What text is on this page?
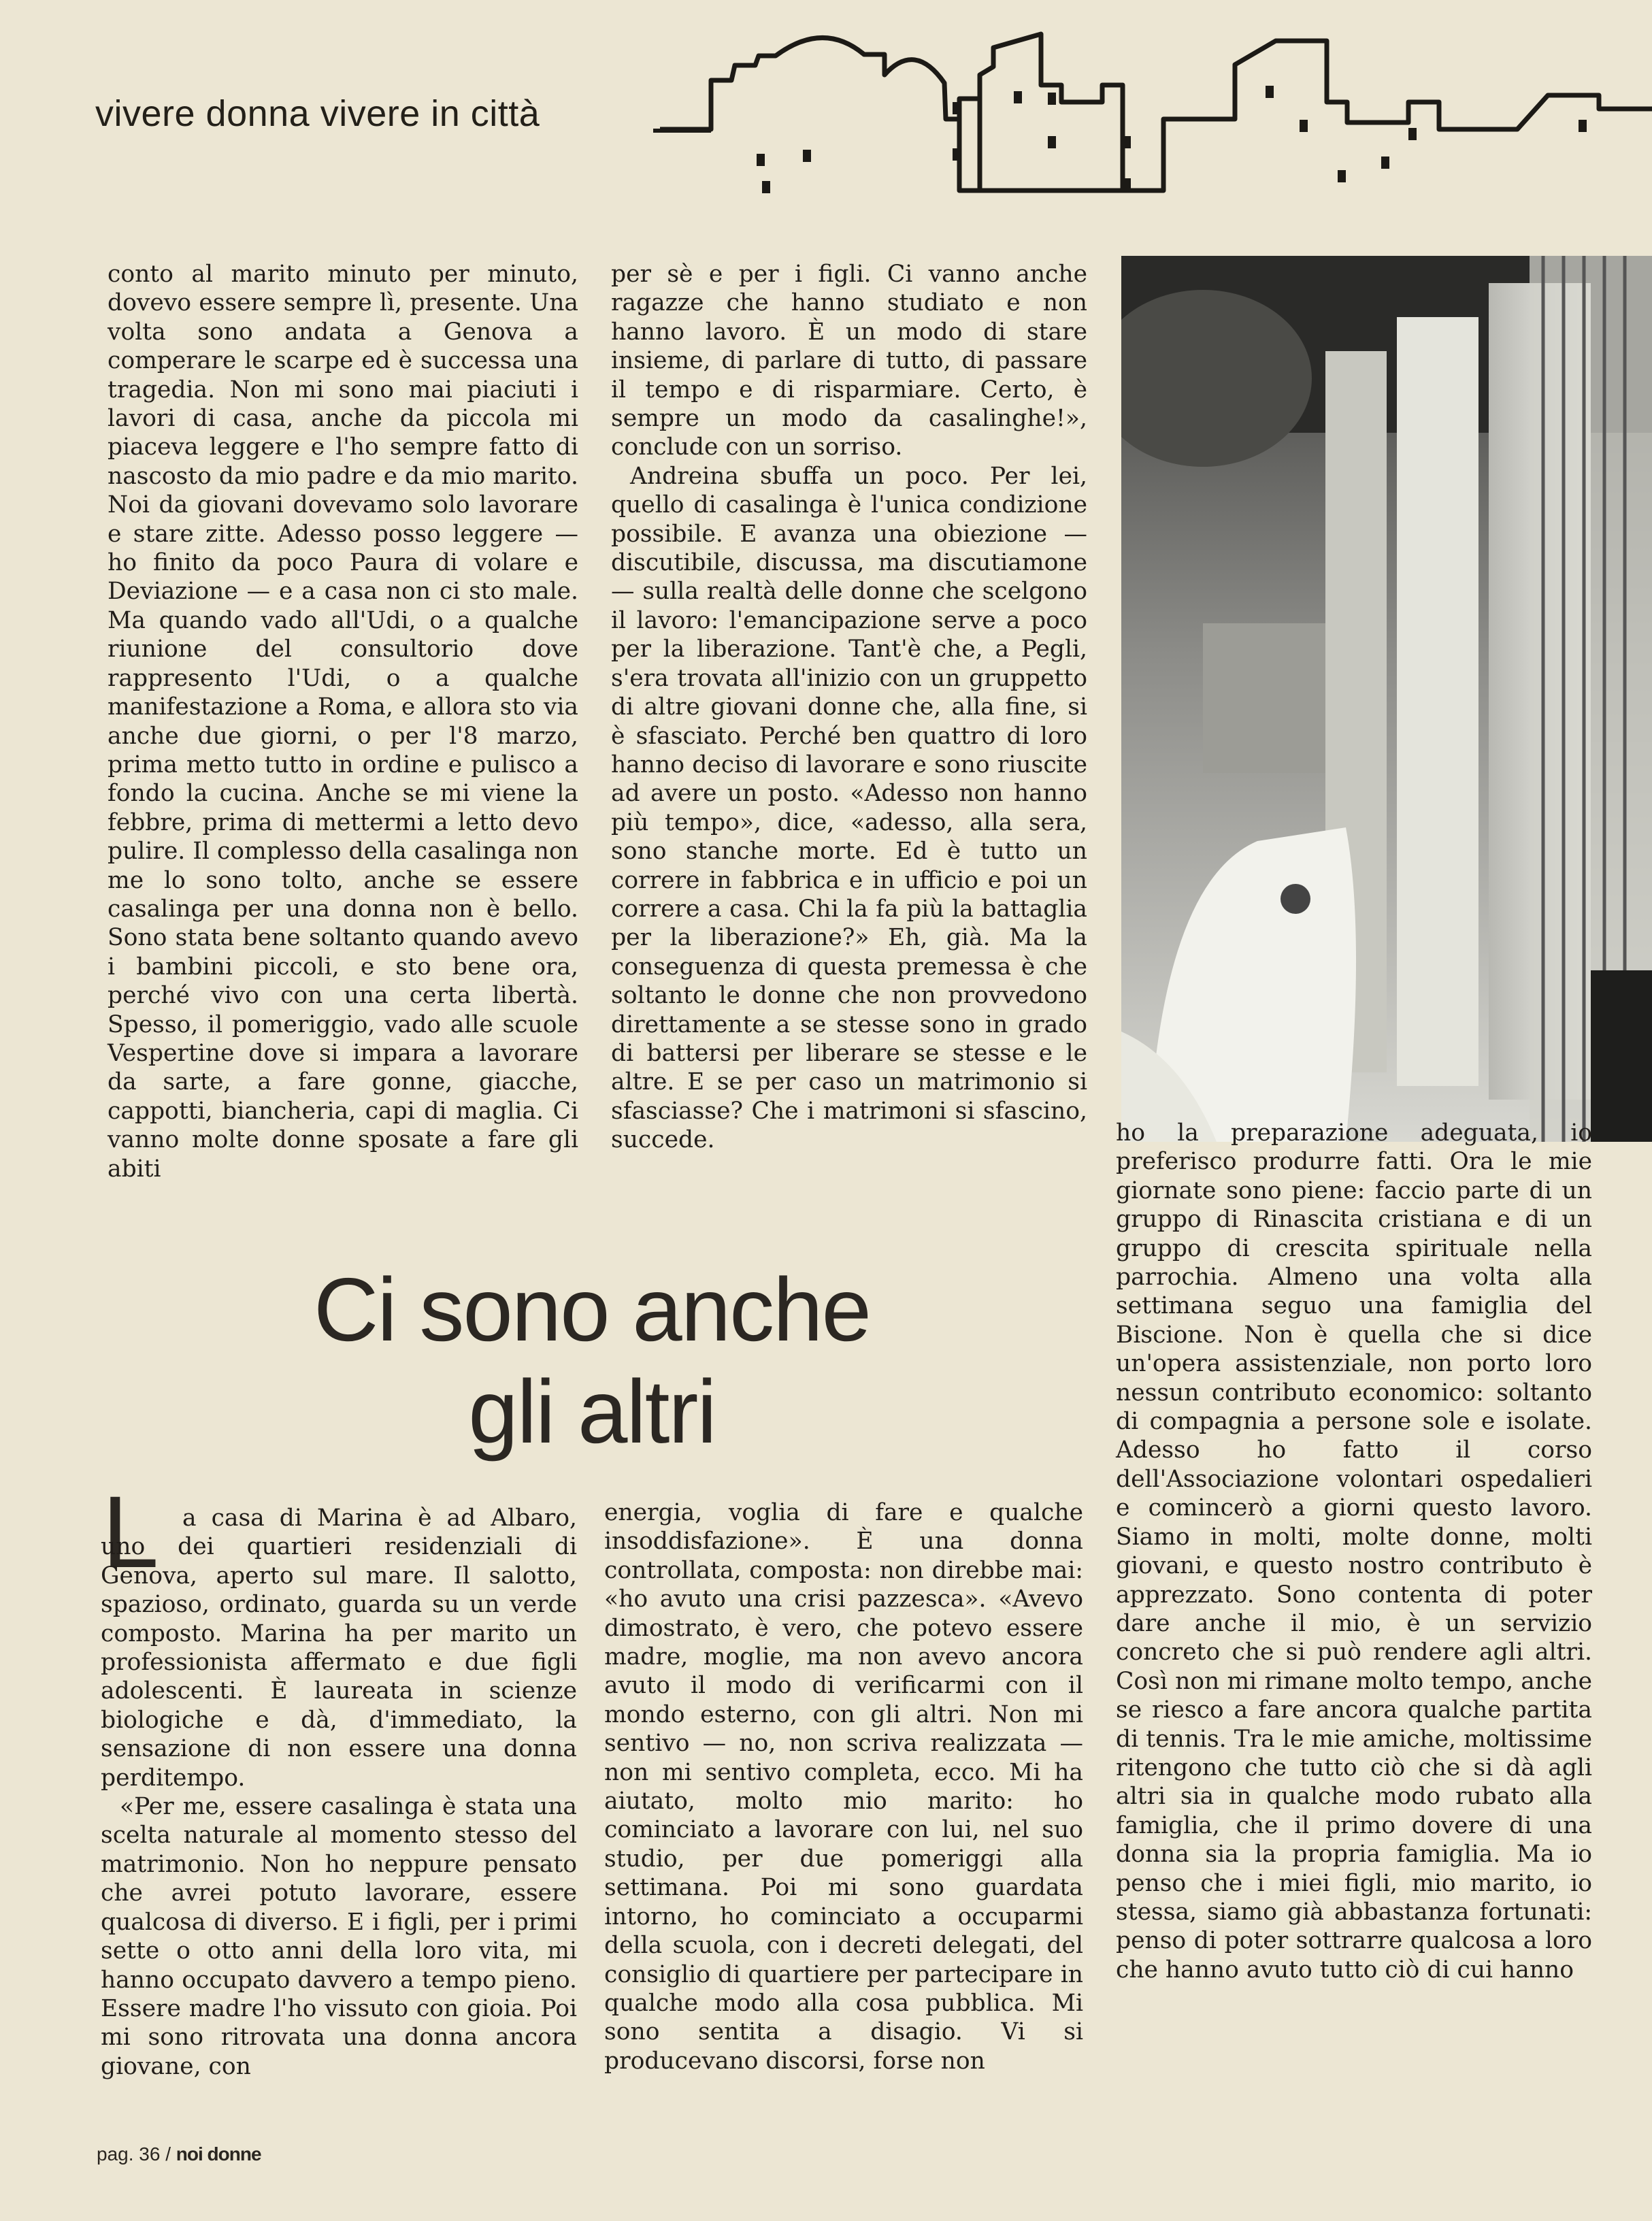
vivere donna vivere in città

conto al marito minuto per minuto, dovevo essere sempre lì, presente. Una volta sono andata a Genova a comperare le scarpe ed è successa una tragedia. Non mi sono mai piaciuti i lavori di casa, anche da piccola mi piaceva leggere e l'ho sempre fatto di nascosto da mio padre e da mio marito. Noi da giovani dovevamo solo lavorare e stare zitte. Adesso posso leggere — ho finito da poco Paura di volare e Deviazione — e a casa non ci sto male. Ma quando vado all'Udi, o a qualche riunione del consultorio dove rappresento l'Udi, o a qualche manifestazione a Roma, e allora sto via anche due giorni, o per l'8 marzo, prima metto tutto in ordine e pulisco a fondo la cucina. Anche se mi viene la febbre, prima di mettermi a letto devo pulire. Il complesso della casalinga non me lo sono tolto, anche se essere casalinga per una donna non è bello. Sono stata bene soltanto quando avevo i bambini piccoli, e sto bene ora, perché vivo con una certa libertà. Spesso, il pomeriggio, vado alle scuole Vespertine dove si impara a lavorare da sarte, a fare gonne, giacche, cappotti, biancheria, capi di maglia. Ci vanno molte donne sposate a fare gli abiti

per sè e per i figli. Ci vanno anche ragazze che hanno studiato e non hanno lavoro. È un modo di stare insieme, di parlare di tutto, di passare il tempo e di risparmiare. Certo, è sempre un modo da casalinghe!», conclude con un sorriso.

Andreina sbuffa un poco. Per lei, quello di casalinga è l'unica condizione possibile. E avanza una obiezione — discutibile, discussa, ma discutiamone — sulla realtà delle donne che scelgono il lavoro: l'emancipazione serve a poco per la liberazione. Tant'è che, a Pegli, s'era trovata all'inizio con un gruppetto di altre giovani donne che, alla fine, si è sfasciato. Perché ben quattro di loro hanno deciso di lavorare e sono riuscite ad avere un posto. «Adesso non hanno più tempo», dice, «adesso, alla sera, sono stanche morte. Ed è tutto un correre in fabbrica e in ufficio e poi un correre a casa. Chi la fa più la battaglia per la liberazione?» Eh, già. Ma la conseguenza di questa premessa è che soltanto le donne che non provvedono direttamente a se stesse sono in grado di battersi per liberare se stesse e le altre. E se per caso un matrimonio si sfasciasse? Che i matrimoni si sfascino, succede.

Ci sono anche
gli altri
L	a casa di Marina è ad Albaro, uno dei quartieri residenziali di Genova, aperto sul mare. Il salotto, spazioso, ordinato, guarda su un verde composto. Marina ha per marito un professionista affermato e due figli adolescenti. È laureata in scienze biologiche e dà, d'immediato, la sensazione di non essere una donna perditempo.

«Per me, essere casalinga è stata una scelta naturale al momento stesso del matrimonio. Non ho neppure pensato che avrei potuto lavorare, essere qualcosa di diverso. E i figli, per i primi sette o otto anni della loro vita, mi hanno occupato davvero a tempo pieno. Essere madre l'ho vissuto con gioia. Poi mi sono ritrovata una donna ancora giovane, con

energia, voglia di fare e qualche insoddisfazione». È una donna controllata, composta: non direbbe mai: «ho avuto una crisi pazzesca». «Avevo dimostrato, è vero, che potevo essere madre, moglie, ma non avevo ancora avuto il modo di verificarmi con il mondo esterno, con gli altri. Non mi sentivo — no, non scriva realizzata — non mi sentivo completa, ecco. Mi ha aiutato, molto mio marito: ho cominciato a lavorare con lui, nel suo studio, per due pomeriggi alla settimana. Poi mi sono guardata intorno, ho cominciato a occuparmi della scuola, con i decreti delegati, del consiglio di quartiere per partecipare in qualche modo alla cosa pubblica. Mi sono sentita a disagio. Vi si producevano discorsi, forse non

ho la preparazione adeguata, io preferisco produrre fatti. Ora le mie giornate sono piene: faccio parte di un gruppo di Rinascita cristiana e di un gruppo di crescita spirituale nella parrochia. Almeno una volta alla settimana seguo una famiglia del Biscione. Non è quella che si dice un'opera assistenziale, non porto loro nessun contributo economico: soltanto di compagnia a persone sole e isolate. Adesso ho fatto il corso dell'Associazione volontari ospedalieri e comincerò a giorni questo lavoro. Siamo in molti, molte donne, molti giovani, e questo nostro contributo è apprezzato. Sono contenta di poter dare anche il mio, è un servizio concreto che si può rendere agli altri. Così non mi rimane molto tempo, anche se riesco a fare ancora qualche partita di tennis. Tra le mie amiche, moltissime ritengono che tutto ciò che si dà agli altri sia in qualche modo rubato alla famiglia, che il primo dovere di una donna sia la propria famiglia. Ma io penso che i miei figli, mio marito, io stessa, siamo già abbastanza fortunati: penso di poter sottrarre qualcosa a loro che hanno avuto tutto ciò di cui hanno

pag. 36 / noi donne
